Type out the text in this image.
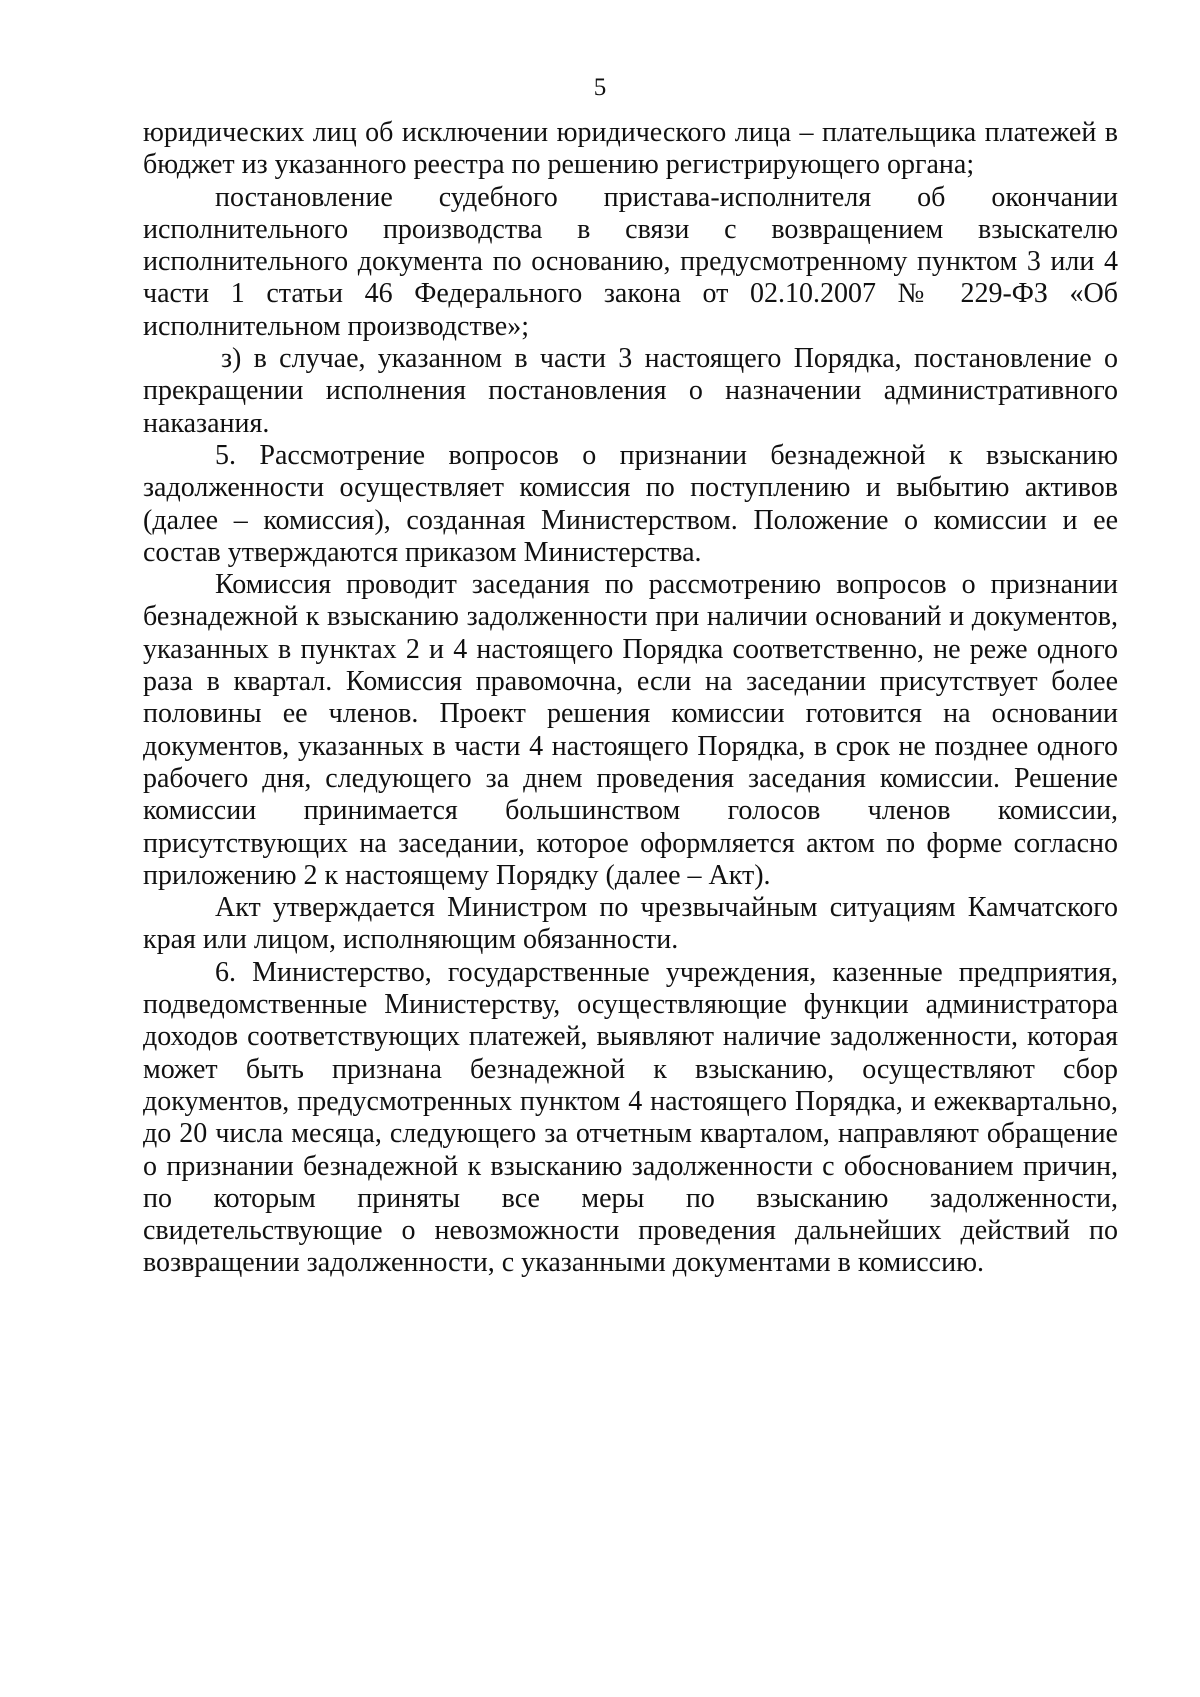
5

юридических лиц об исключении юридического лица – плательщика платежей в бюджет из указанного реестра по решению регистрирующего органа;

постановление судебного пристава-исполнителя об окончании исполнительного производства в связи с возвращением взыскателю исполнительного документа по основанию, предусмотренному пунктом 3 или 4 части 1 статьи 46 Федерального закона от 02.10.2007 № 229-ФЗ «Об исполнительном производстве»;

з) в случае, указанном в части 3 настоящего Порядка, постановление о прекращении исполнения постановления о назначении административного наказания.

5. Рассмотрение вопросов о признании безнадежной к взысканию задолженности осуществляет комиссия по поступлению и выбытию активов (далее – комиссия), созданная Министерством. Положение о комиссии и ее состав утверждаются приказом Министерства.

Комиссия проводит заседания по рассмотрению вопросов о признании безнадежной к взысканию задолженности при наличии оснований и документов, указанных в пунктах 2 и 4 настоящего Порядка соответственно, не реже одного раза в квартал. Комиссия правомочна, если на заседании присутствует более половины ее членов. Проект решения комиссии готовится на основании документов, указанных в части 4 настоящего Порядка, в срок не позднее одного рабочего дня, следующего за днем проведения заседания комиссии. Решение комиссии принимается большинством голосов членов комиссии, присутствующих на заседании, которое оформляется актом по форме согласно приложению 2 к настоящему Порядку (далее – Акт).

Акт утверждается Министром по чрезвычайным ситуациям Камчатского края или лицом, исполняющим обязанности.

6. Министерство, государственные учреждения, казенные предприятия, подведомственные Министерству, осуществляющие функции администратора доходов соответствующих платежей, выявляют наличие задолженности, которая может быть признана безнадежной к взысканию, осуществляют сбор документов, предусмотренных пунктом 4 настоящего Порядка, и ежеквартально, до 20 числа месяца, следующего за отчетным кварталом, направляют обращение о признании безнадежной к взысканию задолженности с обоснованием причин, по которым приняты все меры по взысканию задолженности, свидетельствующие о невозможности проведения дальнейших действий по возвращении задолженности, с указанными документами в комиссию.
